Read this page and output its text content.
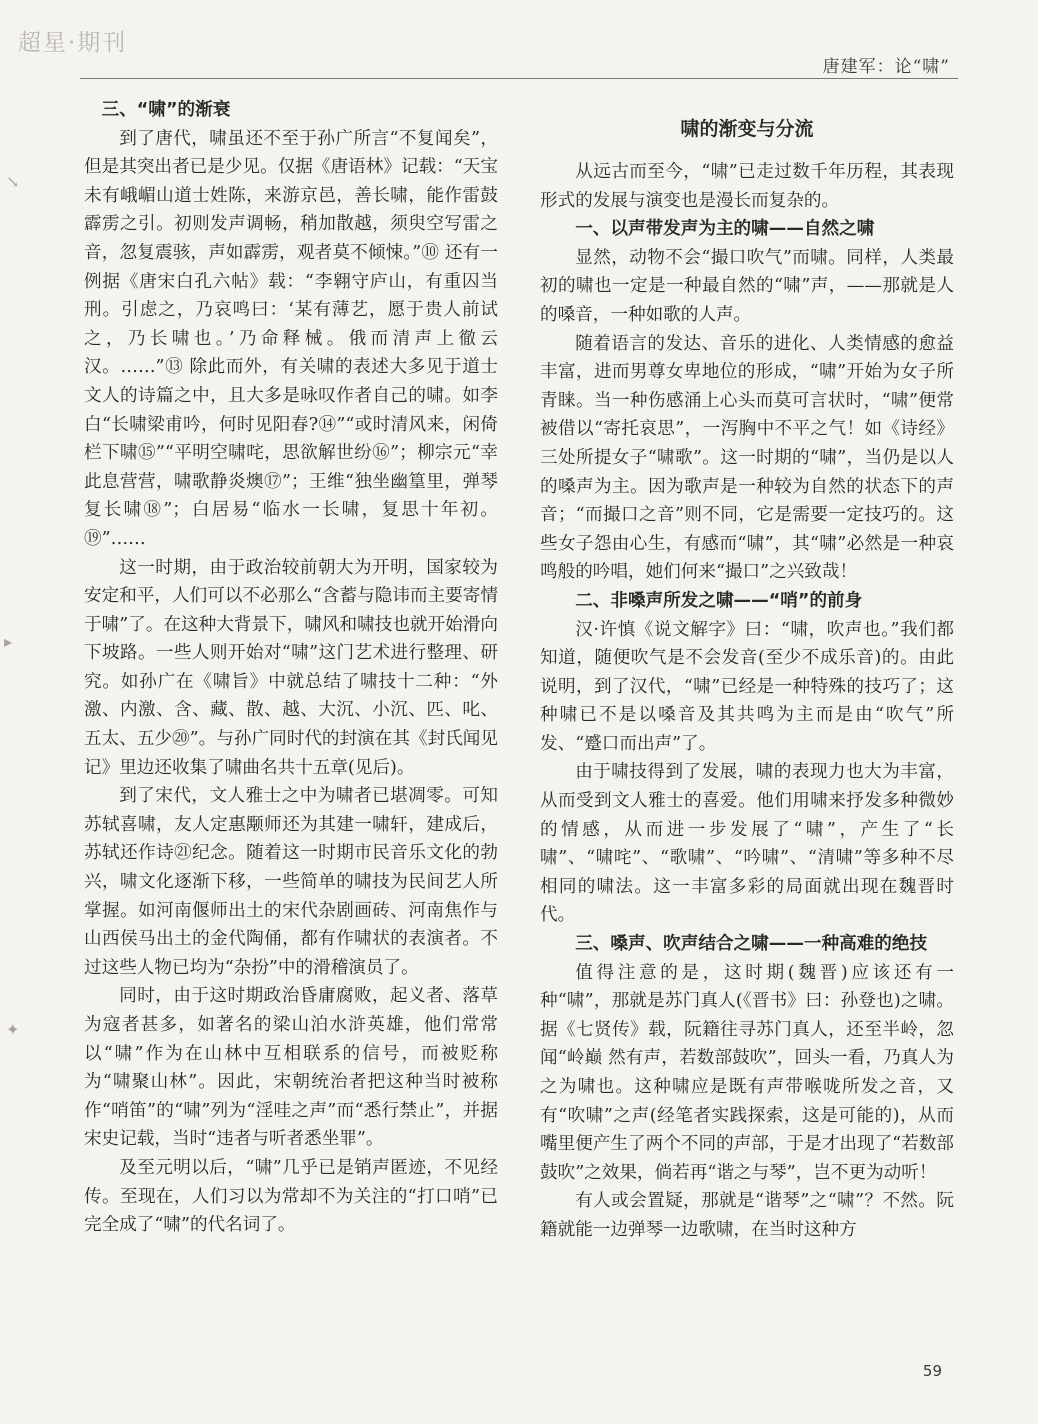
超星·期刊
唐建军：论“啸”
↘
▸
✦
三、“啸”的渐衰

到了唐代，啸虽还不至于孙广所言“不复闻矣”，但是其突出者已是少见。仅据《唐语林》记载：“天宝未有峨嵋山道士姓陈，来游京邑，善长啸，能作雷鼓霹雳之引。初则发声调畅，稍加散越，须臾空写雷之音，忽复震骇，声如霹雳，观者莫不倾悚。”⑩ 还有一例据《唐宋白孔六帖》载：“李翱守庐山，有重囚当刑。引虑之，乃哀鸣曰：‘某有薄艺，愿于贵人前试之，乃长啸也。’乃命释械。俄而清声上徹云汉。……”⑬ 除此而外，有关啸的表述大多见于道士文人的诗篇之中，且大多是咏叹作者自己的啸。如李白“长啸梁甫吟，何时见阳春?⑭”“或时清风来，闲倚栏下啸⑮”“平明空啸咤，思欲解世纷⑯”；柳宗元“幸此息营营，啸歌静炎燠⑰”；王维“独坐幽篁里，弹琴复长啸⑱”；白居易“临水一长啸，复思十年初。⑲”……

这一时期，由于政治较前朝大为开明，国家较为安定和平，人们可以不必那么“含蓄与隐讳而主要寄情于啸”了。在这种大背景下，啸风和啸技也就开始滑向下坡路。一些人则开始对“啸”这门艺术进行整理、研究。如孙广在《啸旨》中就总结了啸技十二种：“外激、内激、含、藏、散、越、大沉、小沉、匹、叱、五太、五少⑳”。与孙广同时代的封演在其《封氏闻见记》里边还收集了啸曲名共十五章(见后)。

到了宋代，文人雅士之中为啸者已堪凋零。可知苏轼喜啸，友人定惠颙师还为其建一啸轩，建成后，苏轼还作诗㉑纪念。随着这一时期市民音乐文化的勃兴，啸文化逐渐下移，一些简单的啸技为民间艺人所掌握。如河南偃师出土的宋代杂剧画砖、河南焦作与山西侯马出土的金代陶俑，都有作啸状的表演者。不过这些人物已均为“杂扮”中的滑稽演员了。

同时，由于这时期政治昏庸腐败，起义者、落草为寇者甚多，如著名的梁山泊水浒英雄，他们常常以“啸”作为在山林中互相联系的信号，而被贬称为“啸聚山林”。因此，宋朝统治者把这种当时被称作“哨笛”的“啸”列为“淫哇之声”而“悉行禁止”，并据宋史记载，当时“违者与听者悉坐罪”。

及至元明以后，“啸”几乎已是销声匿迹，不见经传。至现在，人们习以为常却不为关注的“打口哨”已完全成了“啸”的代名词了。

啸的渐变与分流

从远古而至今，“啸”已走过数千年历程，其表现形式的发展与演变也是漫长而复杂的。

一、以声带发声为主的啸——自然之啸

显然，动物不会“撮口吹气”而啸。同样，人类最初的啸也一定是一种最自然的“啸”声，——那就是人的嗓音，一种如歌的人声。

随着语言的发达、音乐的进化、人类情感的愈益丰富，进而男尊女卑地位的形成，“啸”开始为女子所青睐。当一种伤感涌上心头而莫可言状时，“啸”便常被借以“寄托哀思”，一泻胸中不平之气！如《诗经》三处所提女子“啸歌”。这一时期的“啸”，当仍是以人的嗓声为主。因为歌声是一种较为自然的状态下的声音；“而撮口之音”则不同，它是需要一定技巧的。这些女子怨由心生，有感而“啸”，其“啸”必然是一种哀鸣般的吟唱，她们何来“撮口”之兴致哉！

二、非嗓声所发之啸——“哨”的前身

汉·许慎《说文解字》曰：“啸，吹声也。”我们都知道，随便吹气是不会发音(至少不成乐音)的。由此说明，到了汉代，“啸”已经是一种特殊的技巧了；这种啸已不是以嗓音及其共鸣为主而是由“吹气”所发、“蹙口而出声”了。

由于啸技得到了发展，啸的表现力也大为丰富，从而受到文人雅士的喜爱。他们用啸来抒发多种微妙的情感，从而进一步发展了“啸”，产生了“长啸”、“啸咤”、“歌啸”、“吟啸”、“清啸”等多种不尽相同的啸法。这一丰富多彩的局面就出现在魏晋时代。

三、嗓声、吹声结合之啸——一种高难的绝技

值得注意的是，这时期(魏晋)应该还有一种“啸”，那就是苏门真人(《晋书》曰：孙登也)之啸。据《七贤传》载，阮籍往寻苏门真人，还至半岭，忽闻“岭巅 然有声，若数部鼓吹”，回头一看，乃真人为之为啸也。这种啸应是既有声带喉咙所发之音，又有“吹啸”之声(经笔者实践探索，这是可能的)，从而嘴里便产生了两个不同的声部，于是才出现了“若数部鼓吹”之效果，倘若再“谐之与琴”，岂不更为动听！

有人或会置疑，那就是“谐琴”之“啸”？不然。阮籍就能一边弹琴一边歌啸，在当时这种方

59
